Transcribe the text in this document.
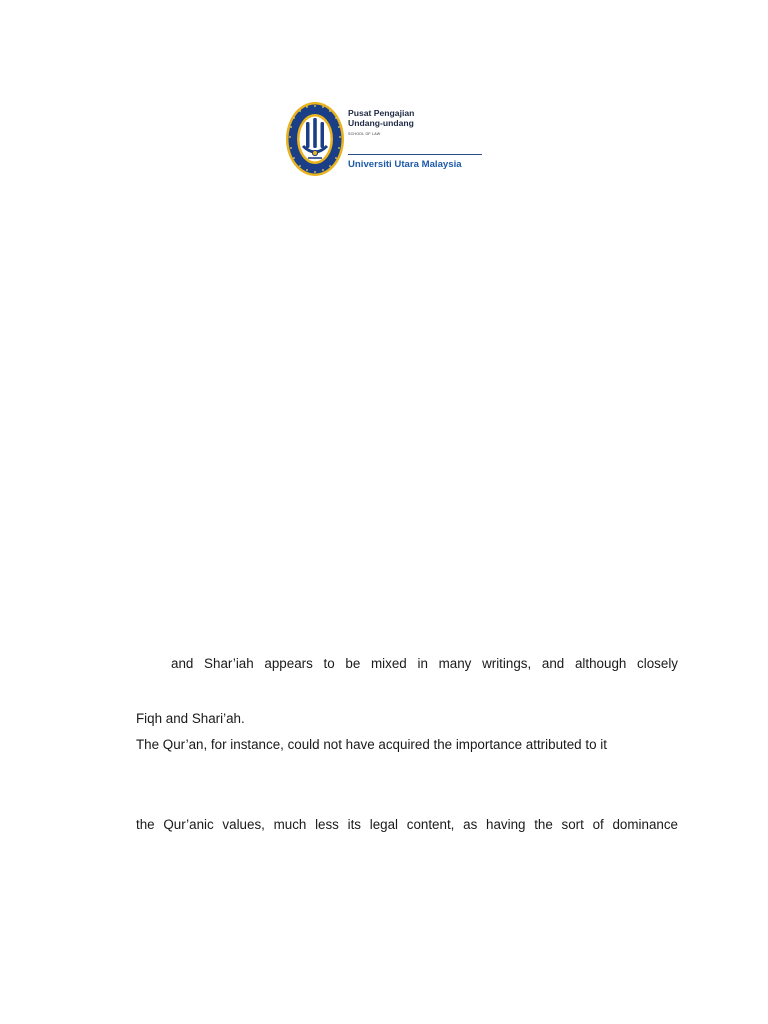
Pusat Pengajian
Undang-undang
SCHOOL OF LAW
Universiti Utara Malaysia
and Shar’iah appears to be mixed in many writings, and although closely
Fiqh and Shari’ah.
The Qur’an, for instance, could not have acquired the importance attributed to it
the Qur’anic values, much less its legal content, as having the sort of dominance
